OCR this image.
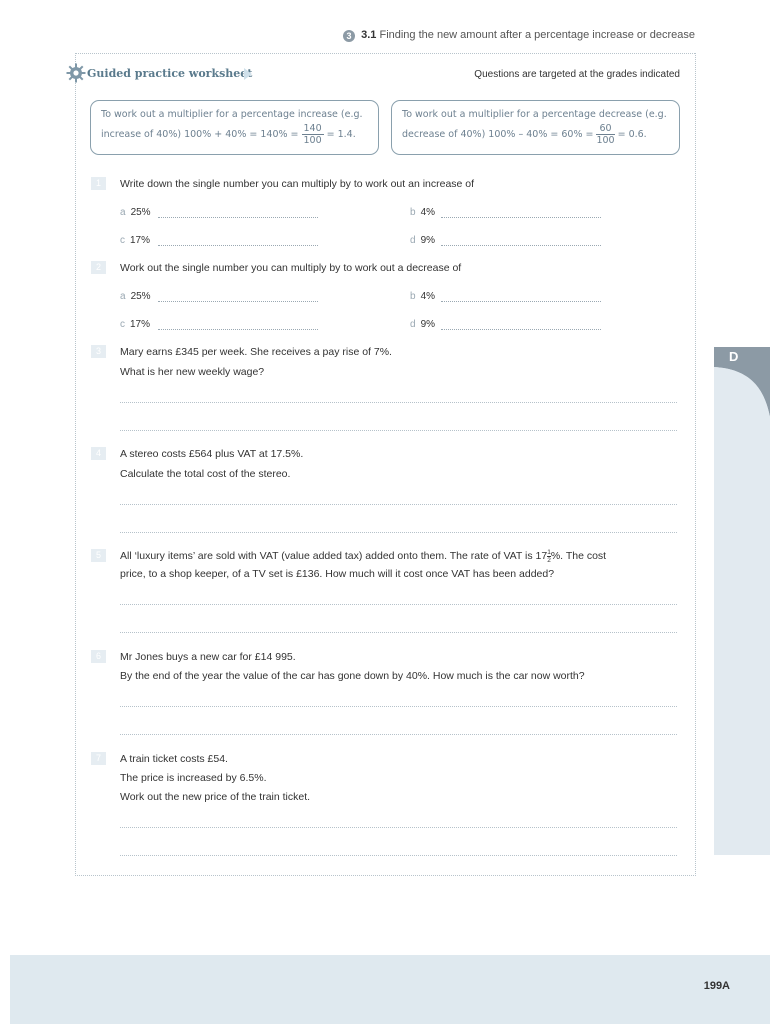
3 3.1 Finding the new amount after a percentage increase or decrease
Guided practice worksheet	Questions are targeted at the grades indicated
To work out a multiplier for a percentage increase (e.g.
increase of 40%) $100\% + 40\% = 140\% = \frac{140}{100} = 1.4$.
To work out a multiplier for a percentage decrease (e.g.
decrease of 40%) $100\% - 40\% = 60\% = \frac{60}{100} = 0.6$.
1	Write down the single number you can multiply by to work out an increase of
a 25%	b 4%
c 17%	d 9%
2	Work out the single number you can multiply by to work out a decrease of
a 25%	b 4%
c 17%	d 9%
3	Mary earns £345 per week. She receives a pay rise of 7%.
What is her new weekly wage?
4	A stereo costs £564 plus VAT at 17.5%.
Calculate the total cost of the stereo.
5	All ‘luxury items’ are sold with VAT (value added tax) added onto them. The rate of VAT is $17 \frac{1}{2}$ %. The cost
price, to a shop keeper, of a TV set is £136. How much will it cost once VAT has been added?
6	Mr Jones buys a new car for £14 995.
By the end of the year the value of the car has gone down by 40%. How much is the car now worth?
7	A train ticket costs £54.
The price is increased by 6.5%.
Work out the new price of the train ticket.
D
199A
